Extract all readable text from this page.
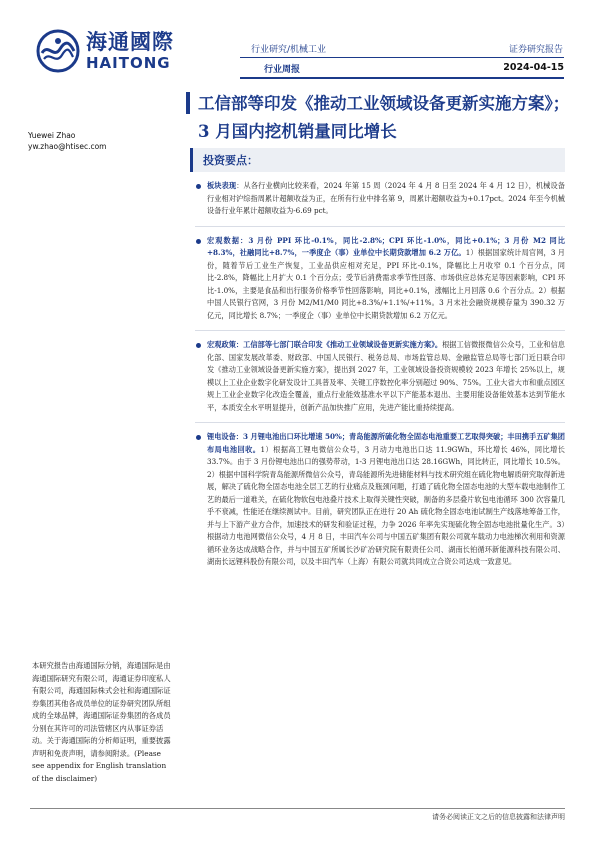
海通國際
HAITONG
行业研究/机械工业	证券研究报告
行业周报	2024-04-15
工信部等印发《推动工业领域设备更新实施方案》；3 月国内挖机销量同比增长
Yuewei Zhao
yw.zhao@htisec.com
投资要点：
板块表现：从各行业横向比较来看，2024 年第 15 周（2024 年 4 月 8 日至 2024 年 4 月 12 日），机械设备行业相对沪综指周累计超额收益为正，在所有行业中排名第 9，周累计超额收益为+0.17pct。2024 年至今机械设备行业年累计超额收益为-6.69 pct。
宏观数据：3 月份 PPI 环比-0.1%，同比-2.8%；CPI 环比-1.0%，同比+0.1%；3 月份 M2 同比+8.3%，社融同比+8.7%，一季度企（事）业单位中长期贷款增加 6.2 万亿。1）根据国家统计局官网，3 月份，随着节后工业生产恢复，工业品供应相对充足，PPI 环比-0.1%，降幅比上月收窄 0.1 个百分点，同比-2.8%，降幅比上月扩大 0.1 个百分点；受节后消费需求季节性回落、市场供应总体充足等因素影响，CPI 环比-1.0%，主要是食品和出行服务价格季节性回落影响，同比+0.1%，涨幅比上月回落 0.6 个百分点。2）根据中国人民银行官网，3 月份 M2/M1/M0 同比+8.3%/+1.1%/+11%。3 月末社会融资规模存量为 390.32 万亿元，同比增长 8.7%；一季度企（事）业单位中长期贷款增加 6.2 万亿元。
宏观政策：工信部等七部门联合印发《推动工业领域设备更新实施方案》。根据工信微报微信公众号，工业和信息化部、国家发展改革委、财政部、中国人民银行、税务总局、市场监管总局、金融监管总局等七部门近日联合印发《推动工业领域设备更新实施方案》，提出到 2027 年，工业领域设备投资规模较 2023 年增长 25%以上，规模以上工业企业数字化研发设计工具普及率、关键工序数控化率分别超过 90%、75%。工业大省大市和重点园区规上工业企业数字化改造全覆盖，重点行业能效基准水平以下产能基本退出、主要用能设备能效基本达到节能水平，本质安全水平明显提升，创新产品加快推广应用，先进产能比重持续提高。
锂电设备：3 月锂电池出口环比增速 50%；青岛能源所硫化物全固态电池重要工艺取得突破；丰田携手五矿集团布局电池回收。1）根据高工锂电微信公众号，3 月动力电池出口达 11.9GWh，环比增长 46%，同比增长 33.7%。由于 3 月份锂电池出口的强势带动，1-3 月锂电池出口达 28.16GWh，同比转正，同比增长 10.5%。2）根据中国科学院青岛能源所微信公众号，青岛能源所先进储能材料与技术研究组在硫化物电解质研究取得新进展，解决了硫化物全固态电池全层工艺的行业痛点及瓶颈问题，打通了硫化物全固态电池的大型车载电池制作工艺的最后一道难关，在硫化物软包电池叠片技术上取得关键性突破，制备的多层叠片软包电池循环 300 次容量几乎不衰减，性能还在继续测试中。目前，研究团队正在进行 20 Ah 硫化物全固态电池试制生产线落地筹备工作，并与上下游产业方合作，加速技术的研发和验证过程，力争 2026 年率先实现硫化物全固态电池批量化生产。3）根据动力电池网微信公众号，4 月 8 日，丰田汽车公司与中国五矿集团有限公司就车载动力电池梯次利用和资源循环业务达成战略合作，并与中国五矿所属长沙矿冶研究院有限责任公司、湖南长铂循环新能源科技有限公司、湖南长远锂科股份有限公司，以及丰田汽车（上海）有限公司就共同成立合资公司达成一致意见。
本研究报告由海通国际分销，海通国际是由海通国际研究有限公司，海通证券印度私人有限公司，海通国际株式会社和海通国际证券集团其他各成员单位的证券研究团队所组成的全球品牌，海通国际证券集团的各成员分别在其许可的司法管辖区内从事证券活动。关于海通国际的分析师证明，重要披露声明和免责声明，请参阅附录。(Please see appendix for English translation of the disclaimer)
请务必阅读正文之后的信息披露和法律声明
